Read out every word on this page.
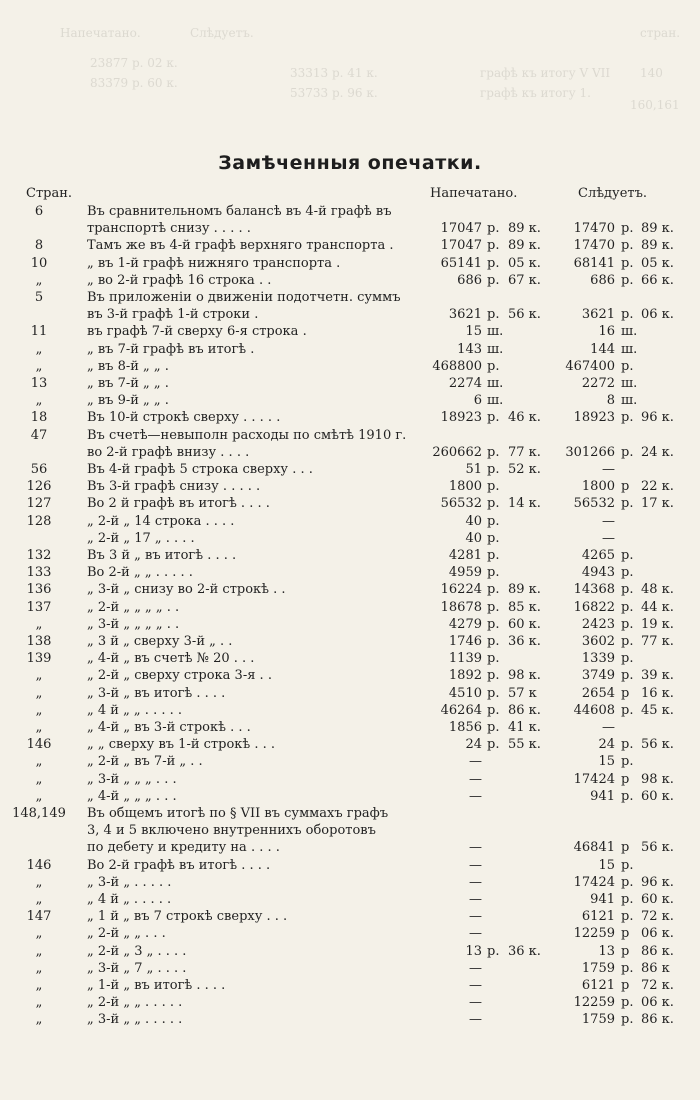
стран.
Напечатано.	Слѣдуетъ.
23877 р. 02 к.
83379 р. 60 к.
33313 р. 41 к.
53733 р. 96 к.
графѣ къ итогу V VII
графѣ къ итогу 1.
140
160,161
Замѣченныя опечатки.
Стран.	Напечатано.	Слѣдуетъ.
6	Въ сравнительномъ балансѣ въ 4-й графѣ въ
транспортѣ снизу . . . . .	17047 р. 89 к.	17470 р. 89 к.
8	Тамъ же въ 4-й графѣ верхняго транспорта .	17047 р. 89 к.	17470 р. 89 к.
10	„ въ 1-й графѣ нижняго транспорта .	65141 р. 05 к.	68141 р. 05 к.
„	„ во 2-й графѣ 16 строка . .	686 р. 67 к.	686 р. 66 к.
5	Въ приложеніи о движеніи подотчетн. суммъ
въ 3-й графѣ 1-й строки .	3621 р. 56 к.	3621 р. 06 к.
11	въ графѣ 7-й сверху 6-я строка .	15 ш.	16 ш.
„	„ въ 7-й графѣ въ итогѣ .	143 ш.	144 ш.
„	„ въ 8-й „ „ .	468800 р.	467400 р.
13	„ въ 7-й „ „ .	2274 ш.	2272 ш.
„	„ въ 9-й „ „ .	6 ш.	8 ш.
18	Въ 10-й строкѣ сверху . . . . .	18923 р. 46 к.	18923 р. 96 к.
47	Въ счетѣ—невыполн расходы по смѣтѣ 1910 г.
во 2-й графѣ внизу . . . .	260662 р. 77 к.	301266 р. 24 к.
56	Въ 4-й графѣ 5 строка сверху . . .	51 р. 52 к.	—
126	Въ 3-й графѣ снизу . . . . .	1800 р.	1800 р 22 к.
127	Во 2 й графѣ въ итогѣ . . . .	56532 р. 14 к.	56532 р. 17 к.
128	„ 2-й „ 14 строка . . . .	40 р.	—
„ 2-й „ 17 „ . . . .	40 р.	—
132	Въ 3 й „ въ итогѣ . . . .	4281 р.	4265 р.
133	Во 2-й „ „ . . . . .	4959 р.	4943 р.
136	„ 3-й „ снизу во 2-й строкѣ . .	16224 р. 89 к.	14368 р. 48 к.
137	„ 2-й „ „ „ „ . .	18678 р. 85 к.	16822 р. 44 к.
„	„ 3-й „ „ „ „ . .	4279 р. 60 к.	2423 р. 19 к.
138	„ 3 й „ сверху 3-й „ . .	1746 р. 36 к.	3602 р. 77 к.
139	„ 4-й „ въ счетѣ № 20 . . .	1139 р.	1339 р.
„	„ 2-й „ сверху строка 3-я . .	1892 р. 98 к.	3749 р. 39 к.
„	„ 3-й „ въ итогѣ . . . .	4510 р. 57 к	2654 р 16 к.
„	„ 4 й „ „ . . . . .	46264 р. 86 к.	44608 р. 45 к.
„	„ 4-й „ въ 3-й строкѣ . . .	1856 р. 41 к.	—
146	„ „ сверху въ 1-й строкѣ . . .	24 р. 55 к.	24 р. 56 к.
„	„ 2-й „ въ 7-й „ . .	—	15 р.
„	„ 3-й „ „ „ . . .	—	17424 р 98 к.
„	„ 4-й „ „ „ . . .	—	941 р. 60 к.
148,149 Въ общемъ итогѣ по § VII въ суммахъ графъ
3, 4 и 5 включено внутреннихъ оборотовъ
по дебету и кредиту на . . . .	—	46841 р 56 к.
146	Во 2-й графѣ въ итогѣ . . . .	—	15 р.
„	„ 3-й „ . . . . .	—	17424 р. 96 к.
„	„ 4 й „ . . . . .	—	941 р. 60 к.
147	„ 1 й „ въ 7 строкѣ сверху . . .	—	6121 р. 72 к.
„	„ 2-й „ „ . . .	—	12259 р 06 к.
„	„ 2-й „ 3 „ . . . .	13 р. 36 к.	13 р 86 к.
„	„ 3-й „ 7 „ . . . .	—	1759 р. 86 к
„	„ 1-й „ въ итогѣ . . . .	—	6121 р 72 к.
„	„ 2-й „ „ . . . . .	—	12259 р. 06 к.
„	„ 3-й „ „ . . . . .	—	1759 р. 86 к.
